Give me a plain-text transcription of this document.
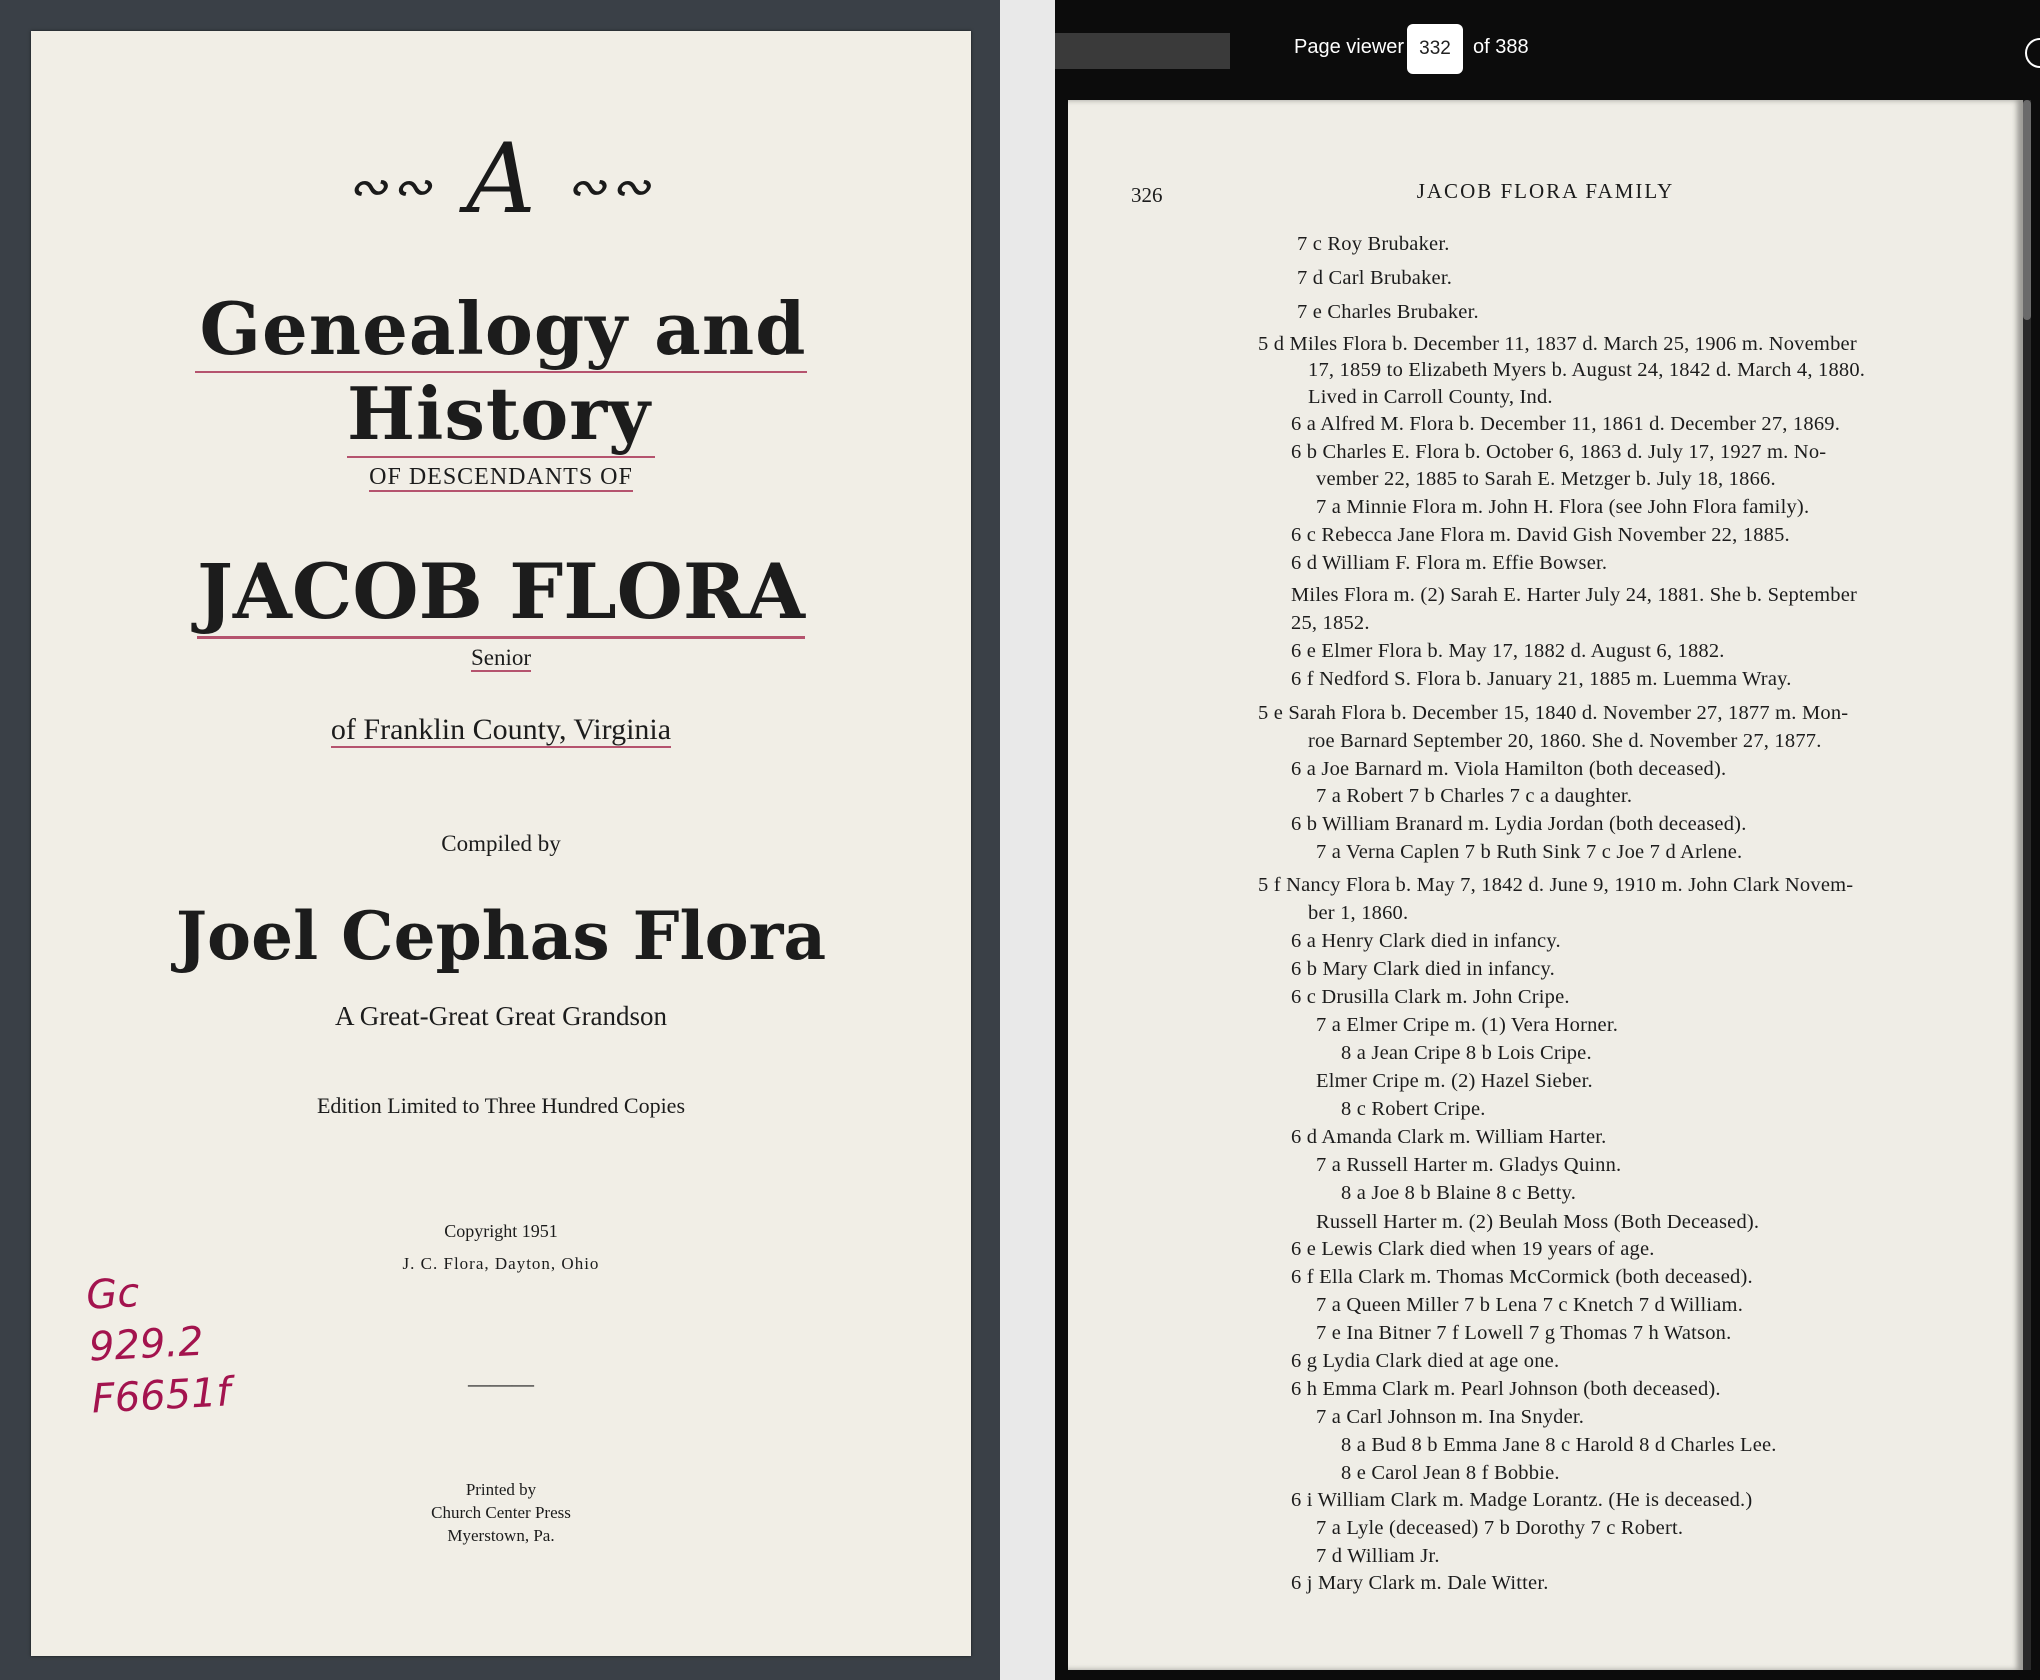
∾∾ A ∾∾
Genealogy and History
OF DESCENDANTS OF
JACOB FLORA
Senior
of Franklin County, Virginia
Compiled by
Joel Cephas Flora
A Great-Great Great Grandson
Edition Limited to Three Hundred Copies
Copyright 1951
J. C. Flora, Dayton, Ohio
———
Printed by
Church Center Press
Myerstown, Pa.
Gc
929.2
F6651f
Page viewer
332	of 388
326	JACOB FLORA FAMILY
7 c Roy Brubaker.
7 d Carl Brubaker.
7 e Charles Brubaker.
5 d Miles Flora b. December 11, 1837 d. March 25, 1906 m. November
17, 1859 to Elizabeth Myers b. August 24, 1842 d. March 4, 1880.
Lived in Carroll County, Ind.
6 a Alfred M. Flora b. December 11, 1861 d. December 27, 1869.
6 b Charles E. Flora b. October 6, 1863 d. July 17, 1927 m. No-
vember 22, 1885 to Sarah E. Metzger b. July 18, 1866.
7 a Minnie Flora m. John H. Flora (see John Flora family).
6 c Rebecca Jane Flora m. David Gish November 22, 1885.
6 d William F. Flora m. Effie Bowser.
Miles Flora m. (2) Sarah E. Harter July 24, 1881. She b. September
25, 1852.
6 e Elmer Flora b. May 17, 1882 d. August 6, 1882.
6 f Nedford S. Flora b. January 21, 1885 m. Luemma Wray.
5 e Sarah Flora b. December 15, 1840 d. November 27, 1877 m. Mon-
roe Barnard September 20, 1860. She d. November 27, 1877.
6 a Joe Barnard m. Viola Hamilton (both deceased).
7 a Robert 7 b Charles 7 c a daughter.
6 b William Branard m. Lydia Jordan (both deceased).
7 a Verna Caplen 7 b Ruth Sink 7 c Joe 7 d Arlene.
5 f Nancy Flora b. May 7, 1842 d. June 9, 1910 m. John Clark Novem-
ber 1, 1860.
6 a Henry Clark died in infancy.
6 b Mary Clark died in infancy.
6 c Drusilla Clark m. John Cripe.
7 a Elmer Cripe m. (1) Vera Horner.
8 a Jean Cripe 8 b Lois Cripe.
Elmer Cripe m. (2) Hazel Sieber.
8 c Robert Cripe.
6 d Amanda Clark m. William Harter.
7 a Russell Harter m. Gladys Quinn.
8 a Joe 8 b Blaine 8 c Betty.
Russell Harter m. (2) Beulah Moss (Both Deceased).
6 e Lewis Clark died when 19 years of age.
6 f Ella Clark m. Thomas McCormick (both deceased).
7 a Queen Miller 7 b Lena 7 c Knetch 7 d William.
7 e Ina Bitner 7 f Lowell 7 g Thomas 7 h Watson.
6 g Lydia Clark died at age one.
6 h Emma Clark m. Pearl Johnson (both deceased).
7 a Carl Johnson m. Ina Snyder.
8 a Bud 8 b Emma Jane 8 c Harold 8 d Charles Lee.
8 e Carol Jean 8 f Bobbie.
6 i William Clark m. Madge Lorantz. (He is deceased.)
7 a Lyle (deceased) 7 b Dorothy 7 c Robert.
7 d William Jr.
6 j Mary Clark m. Dale Witter.
